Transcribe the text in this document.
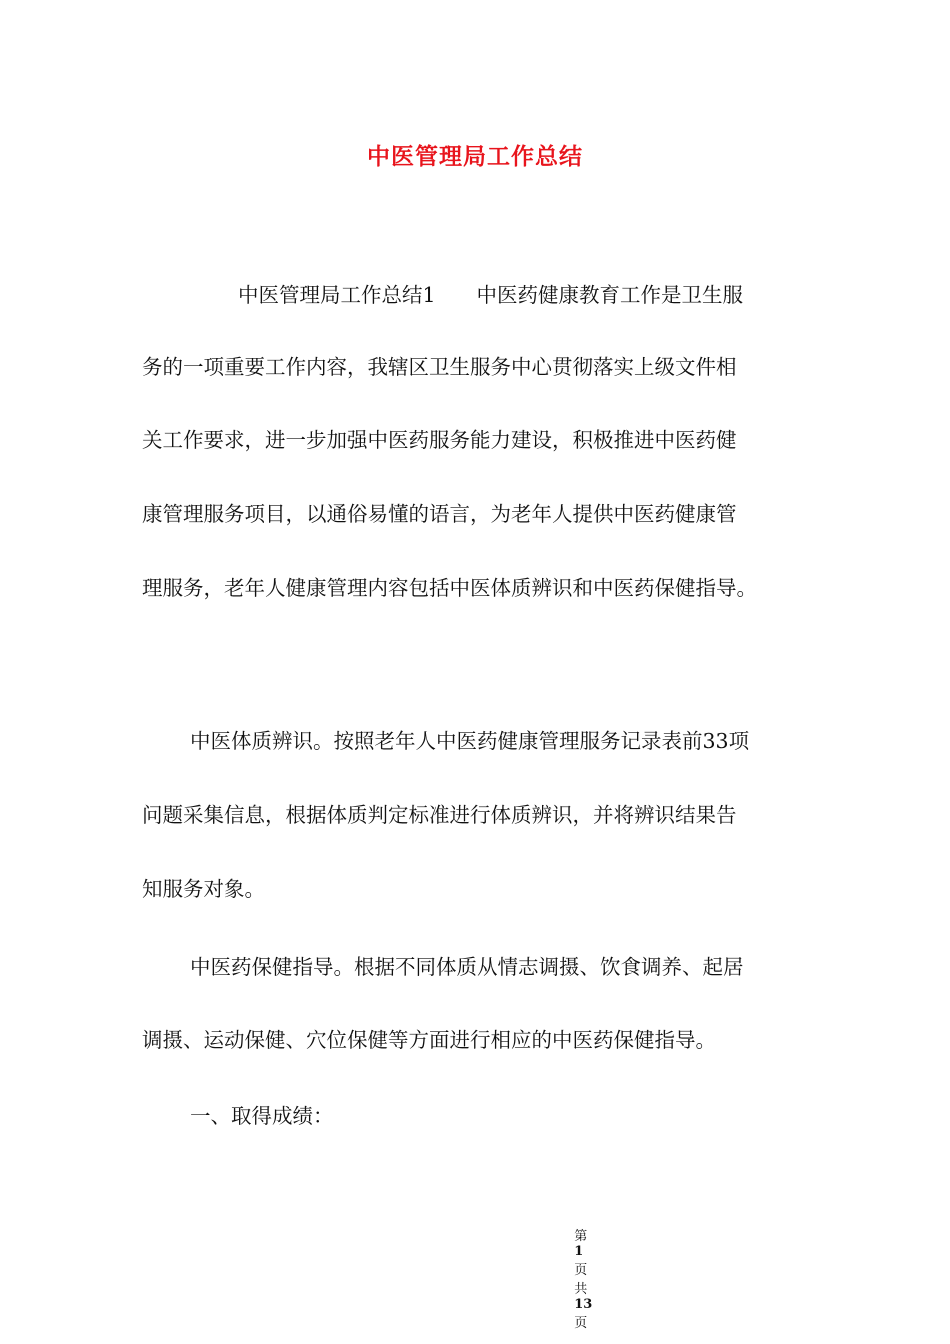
中医管理局工作总结
中医管理局工作总结1　　中医药健康教育工作是卫生服
务的一项重要工作内容，我辖区卫生服务中心贯彻落实上级文件相
关工作要求，进一步加强中医药服务能力建设，积极推进中医药健
康管理服务项目，以通俗易懂的语言，为老年人提供中医药健康管
理服务，老年人健康管理内容包括中医体质辨识和中医药保健指导。
中医体质辨识。按照老年人中医药健康管理服务记录表前33项
问题采集信息，根据体质判定标准进行体质辨识，并将辨识结果告
知服务对象。
中医药保健指导。根据不同体质从情志调摄、饮食调养、起居
调摄、运动保健、穴位保健等方面进行相应的中医药保健指导。
一、取得成绩：

第
1
页
共
13
页
